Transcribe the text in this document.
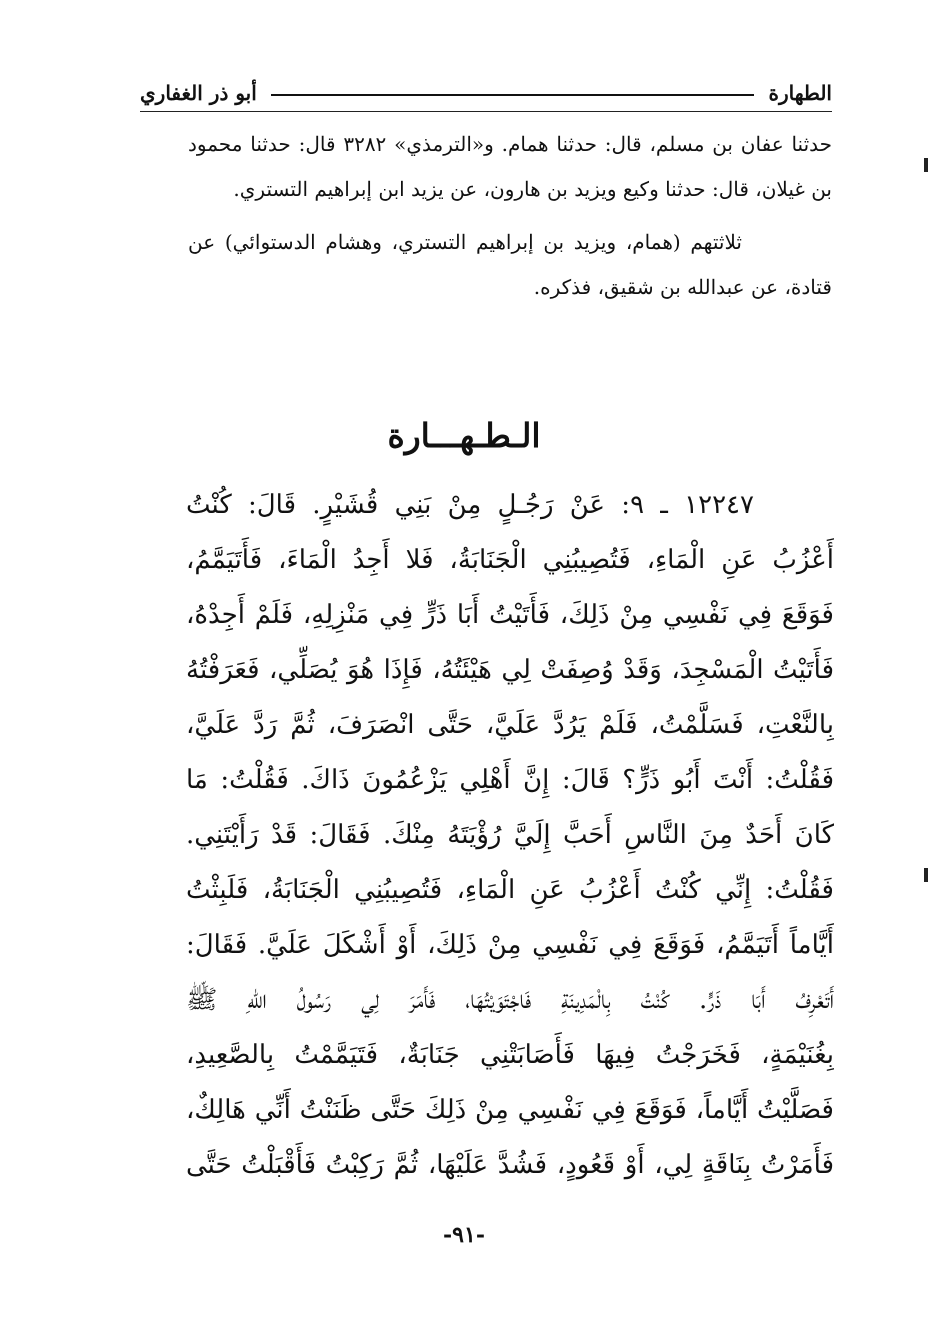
الطهارة
أبو ذر الغفاري

حدثنا عفان بن مسلم، قال: حدثنا همام. و«الترمذي» ٣٢٨٢ قال: حدثنا محمود بن غيلان، قال: حدثنا وكيع ويزيد بن هارون، عن يزيد ابن إبراهيم التستري.

ثلاثتهم (همام، ويزيد بن إبراهيم التستري، وهشام الدستوائي) عن قتادة، عن عبدالله بن شقيق، فذكره.

الـطـهـــارة
١٢٢٤٧ ـ ٩: عَنْ رَجُـلٍ مِنْ بَنِي قُشَيْرٍ. قَالَ: كُنْتُ
أَعْزُبُ عَنِ الْمَاءِ، فَتُصِيبُنِي الْجَنَابَةُ، فَلا أَجِدُ الْمَاءَ، فَأَتَيَمَّمُ،
فَوَقَعَ فِي نَفْسِي مِنْ ذَلِكَ، فَأَتَيْتُ أَبَا ذَرٍّ فِي مَنْزِلِهِ، فَلَمْ أَجِدْهُ،
فَأَتَيْتُ الْمَسْجِدَ، وَقَدْ وُصِفَتْ لِي هَيْئَتُهُ، فَإِذَا هُوَ يُصَلِّي، فَعَرَفْتُهُ
بِالنَّعْتِ، فَسَلَّمْتُ، فَلَمْ يَرُدَّ عَلَيَّ، حَتَّى انْصَرَفَ، ثُمَّ رَدَّ عَلَيَّ،
فَقُلْتُ: أَنْتَ أَبُو ذَرٍّ؟ قَالَ: إِنَّ أَهْلِي يَزْعُمُونَ ذَاكَ. فَقُلْتُ: مَا
كَانَ أَحَدٌ مِنَ النَّاسِ أَحَبَّ إِلَيَّ رُؤْيَتَهُ مِنْكَ. فَقَالَ: قَدْ رَأَيْتَنِي.
فَقُلْتُ: إِنِّي كُنْتُ أَعْزُبُ عَنِ الْمَاءِ، فَتُصِيبُنِي الْجَنَابَةُ، فَلَبِثْتُ
أَيَّاماً أَتَيَمَّمُ، فَوَقَعَ فِي نَفْسِي مِنْ ذَلِكَ، أَوْ أَشْكَلَ عَلَيَّ. فَقَالَ:
أَتَعْرِفُ أَبَا ذَرٍّ. كُنْتُ بِالْمَدِينَةِ فَاجْتَوَيْتُهَا، فَأَمَرَ لِي رَسُولُ اللهِ ﷺ
بِغُنَيْمَةٍ، فَخَرَجْتُ فِيهَا فَأَصَابَتْنِي جَنَابَةٌ، فَتَيَمَّمْتُ بِالصَّعِيدِ،
فَصَلَّيْتُ أَيَّاماً، فَوَقَعَ فِي نَفْسِي مِنْ ذَلِكَ حَتَّى ظَنَنْتُ أَنِّي هَالِكٌ،
فَأَمَرْتُ بِنَاقَةٍ لِي، أَوْ قَعُودٍ، فَشُدَّ عَلَيْهَا، ثُمَّ رَكِبْتُ فَأَقْبَلْتُ حَتَّى
-٩١-
